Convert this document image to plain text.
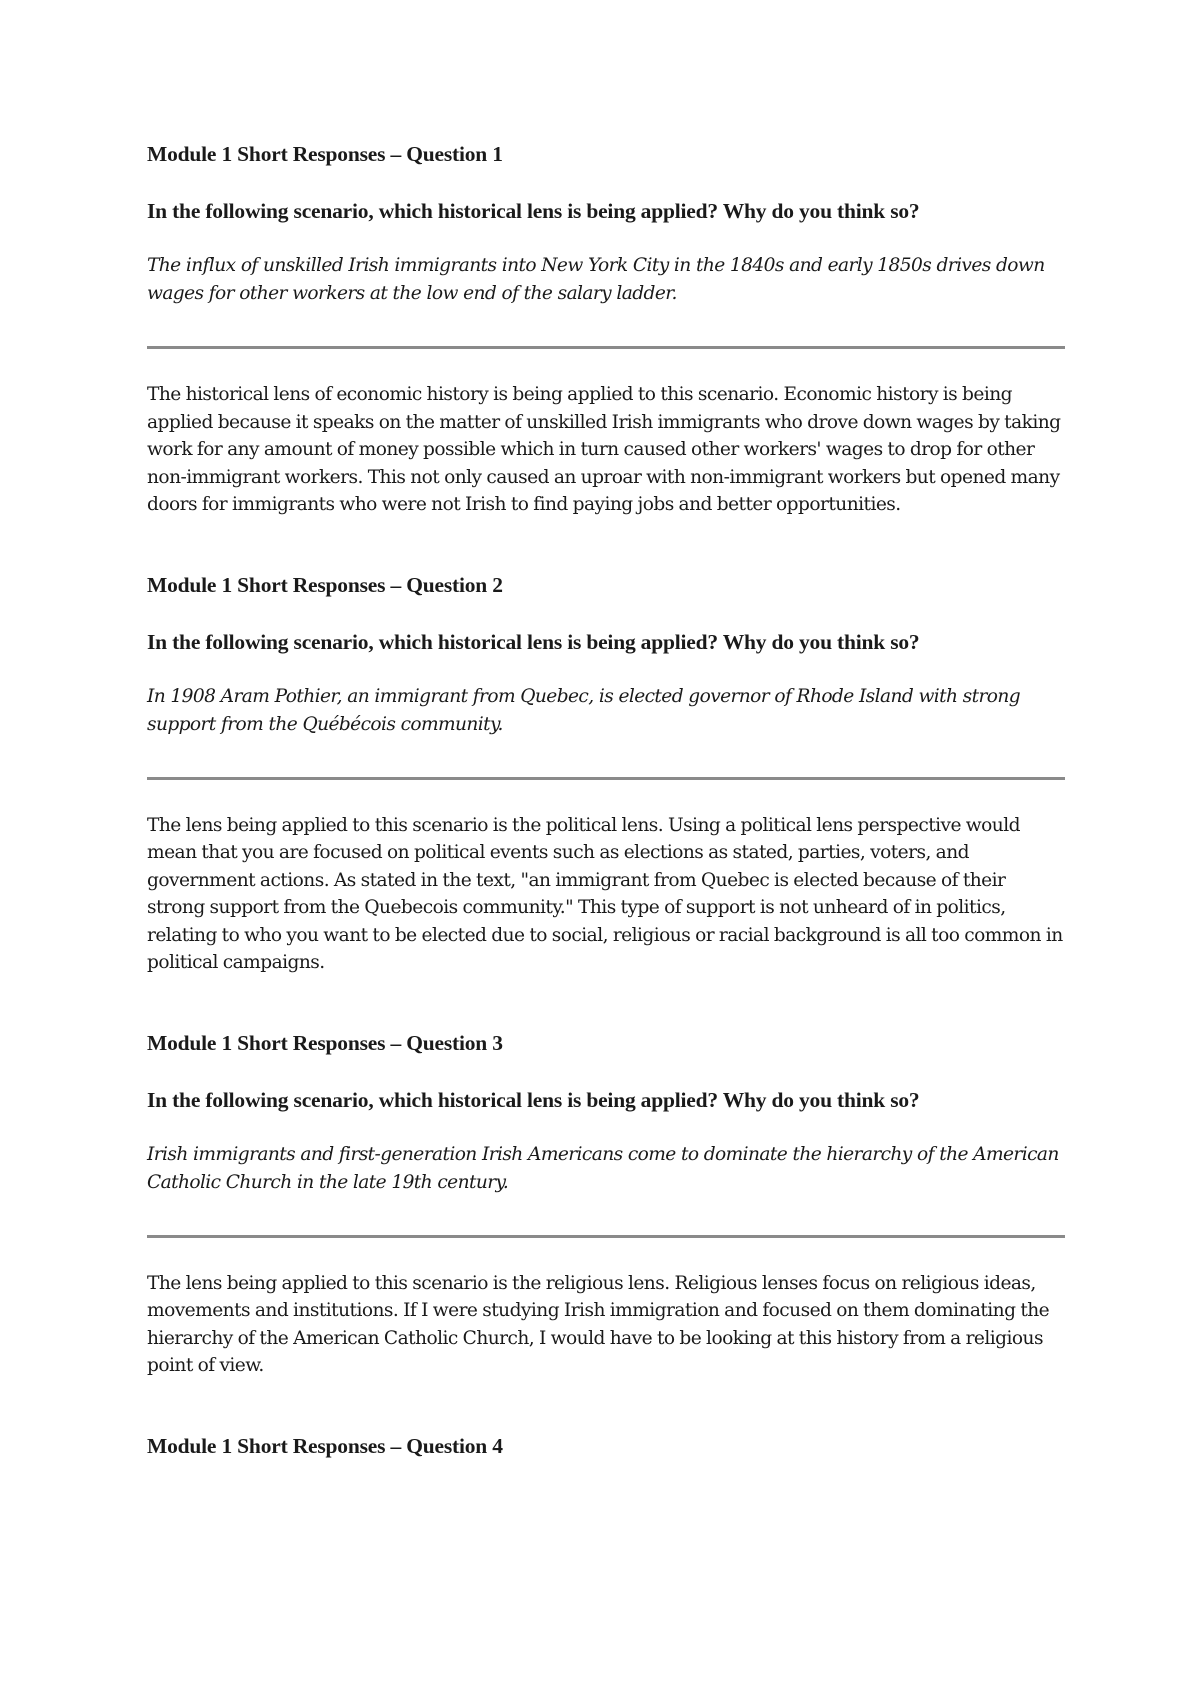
Module 1 Short Responses – Question 1

In the following scenario, which historical lens is being applied? Why do you think so?

The influx of unskilled Irish immigrants into New York City in the 1840s and early 1850s drives down wages for other workers at the low end of the salary ladder.

The historical lens of economic history is being applied to this scenario. Economic history is being applied because it speaks on the matter of unskilled Irish immigrants who drove down wages by taking work for any amount of money possible which in turn caused other workers' wages to drop for other non-immigrant workers. This not only caused an uproar with non-immigrant workers but opened many doors for immigrants who were not Irish to find paying jobs and better opportunities.

Module 1 Short Responses – Question 2

In the following scenario, which historical lens is being applied? Why do you think so?

In 1908 Aram Pothier, an immigrant from Quebec, is elected governor of Rhode Island with strong support from the Québécois community.

The lens being applied to this scenario is the political lens. Using a political lens perspective would mean that you are focused on political events such as elections as stated, parties, voters, and government actions. As stated in the text, "an immigrant from Quebec is elected because of their strong support from the Quebecois community." This type of support is not unheard of in politics, relating to who you want to be elected due to social, religious or racial background is all too common in political campaigns.

Module 1 Short Responses – Question 3

In the following scenario, which historical lens is being applied? Why do you think so?

Irish immigrants and first-generation Irish Americans come to dominate the hierarchy of the American Catholic Church in the late 19th century.

The lens being applied to this scenario is the religious lens. Religious lenses focus on religious ideas, movements and institutions. If I were studying Irish immigration and focused on them dominating the hierarchy of the American Catholic Church, I would have to be looking at this history from a religious point of view.

Module 1 Short Responses – Question 4
